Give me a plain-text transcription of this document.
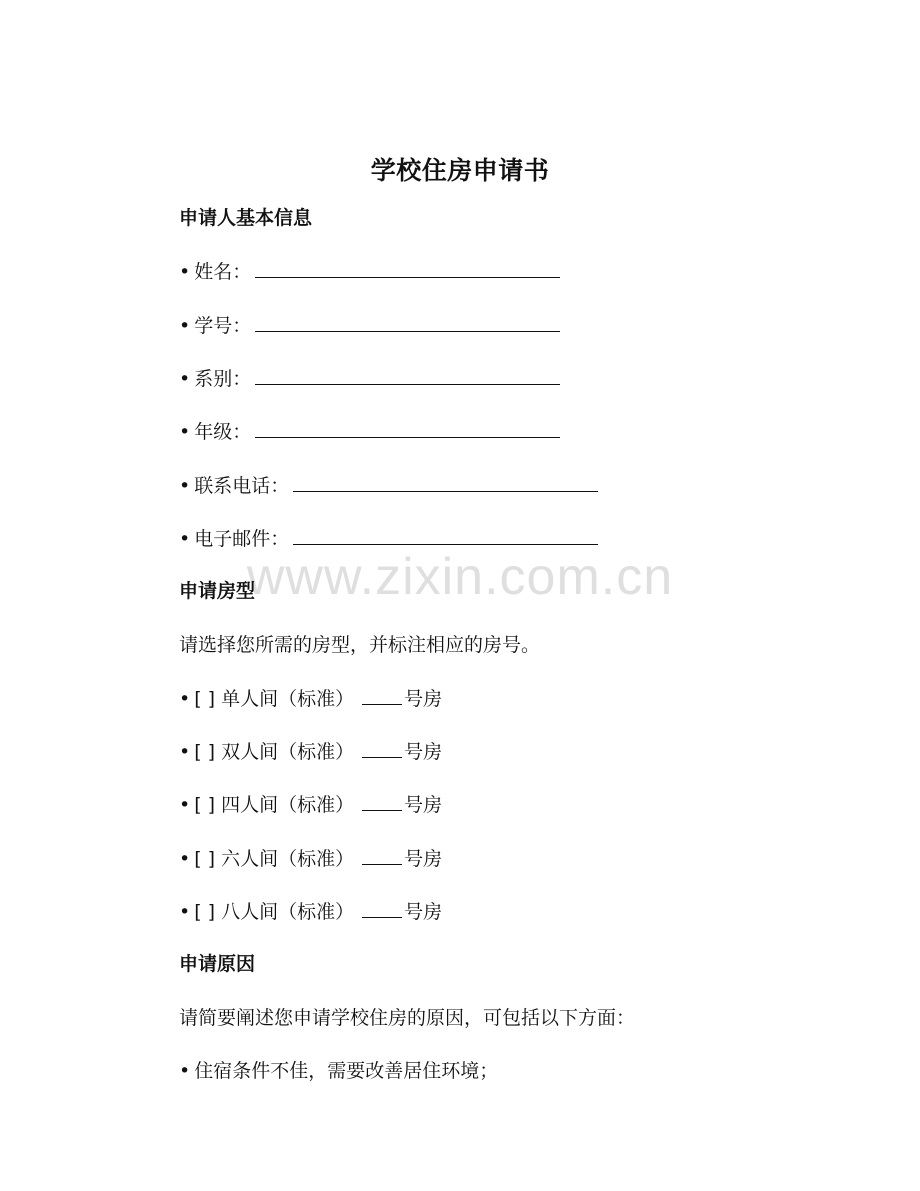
www.zixin.com.cn
学校住房申请书
申请人基本信息
• 姓名：
• 学号：
• 系别：
• 年级：
• 联系电话：
• 电子邮件：
申请房型
请选择您所需的房型，并标注相应的房号。
• [ ] 单人间（标准）	号房
• [ ] 双人间（标准）	号房
• [ ] 四人间（标准）	号房
• [ ] 六人间（标准）	号房
• [ ] 八人间（标准）	号房
申请原因
请简要阐述您申请学校住房的原因，可包括以下方面：
• 住宿条件不佳，需要改善居住环境；
